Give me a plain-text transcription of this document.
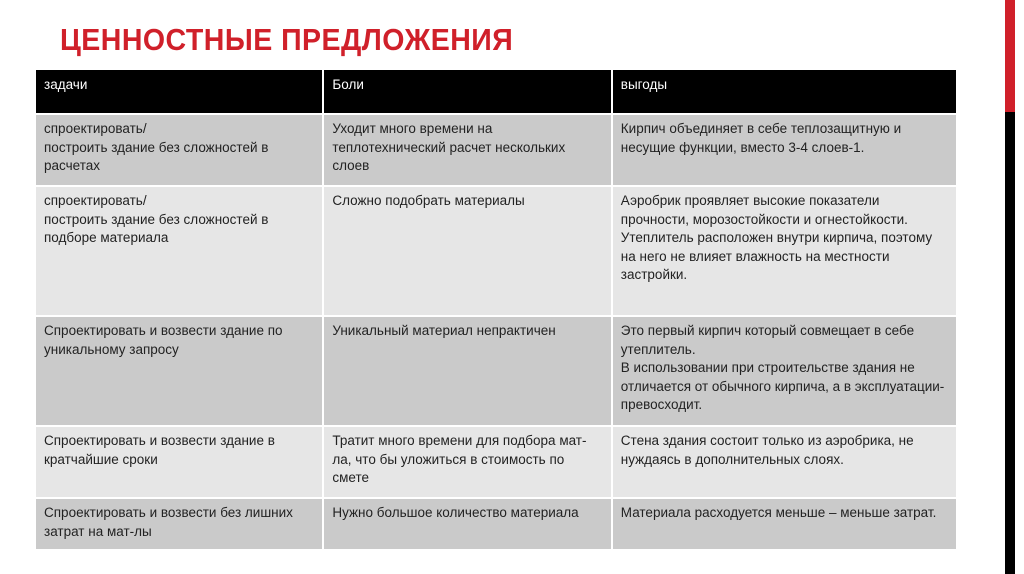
ЦЕННОСТНЫЕ ПРЕДЛОЖЕНИЯ
задачи	Боли	выгоды
спроектировать/
построить здание без сложностей в расчетах	Уходит много времени на теплотехнический расчет нескольких слоев	Кирпич объединяет в себе теплозащитную и несущие функции, вместо 3-4 слоев-1.
спроектировать/
построить здание без сложностей в подборе материала	Сложно подобрать материалы	Аэробрик проявляет высокие показатели прочности, морозостойкости и огнестойкости.
Утеплитель расположен внутри кирпича, поэтому на него не влияет влажность на местности застройки.
Спроектировать и возвести здание по уникальному запросу	Уникальный материал непрактичен	Это первый кирпич который совмещает в себе утеплитель.
В использовании при строительстве здания не отличается от обычного кирпича, а в эксплуатации- превосходит.
Спроектировать и возвести здание в кратчайшие сроки	Тратит много времени для подбора мат-ла, что бы уложиться в стоимость по смете	Стена здания состоит только из аэробрика, не нуждаясь в дополнительных слоях.
Спроектировать и возвести без лишних затрат на мат-лы	Нужно большое количество материала	Материала расходуется меньше – меньше затрат.
